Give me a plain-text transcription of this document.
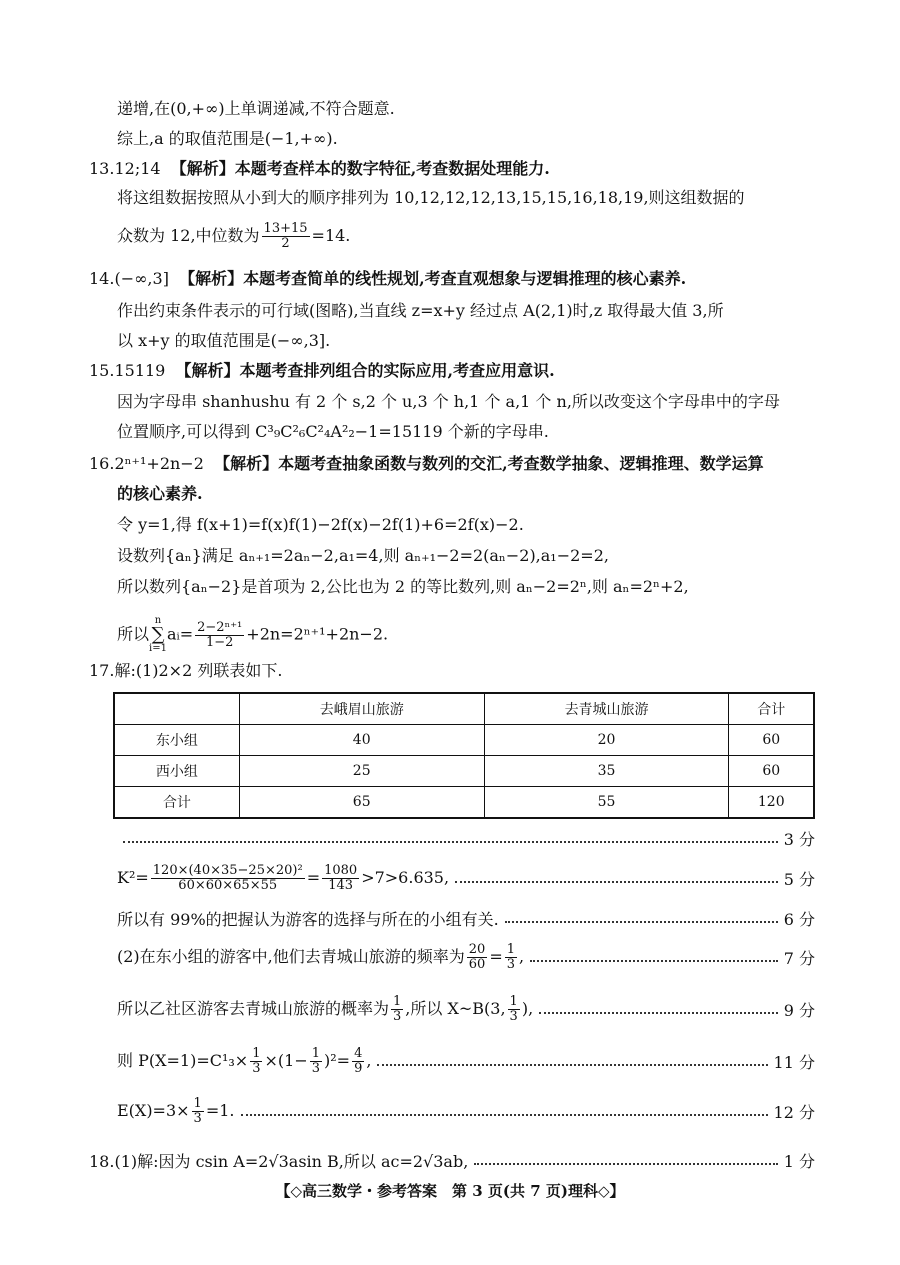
递增,在(0,+∞)上单调递减,不符合题意.
综上,a 的取值范围是(−1,+∞).
13.12;14 【解析】本题考查样本的数字特征,考查数据处理能力.
将这组数据按照从小到大的顺序排列为 10,12,12,12,13,15,15,16,18,19,则这组数据的
众数为 12,中位数为 $\frac{13+15}{2} =14$.
14.(−∞,3] 【解析】本题考查简单的线性规划,考查直观想象与逻辑推理的核心素养.
作出约束条件表示的可行域(图略),当直线 z=x+y 经过点 A(2,1)时,z 取得最大值 3,所
以 x+y 的取值范围是(−∞,3].
15.15119 【解析】本题考查排列组合的实际应用,考查应用意识.
因为字母串 shanhushu 有 2 个 s,2 个 u,3 个 h,1 个 a,1 个 n,所以改变这个字母串中的字母
位置顺序,可以得到 C³₉C²₆C²₄A²₂−1=15119 个新的字母串.
16.2ⁿ⁺¹+2n−2 【解析】本题考查抽象函数与数列的交汇,考查数学抽象、逻辑推理、数学运算
的核心素养.
令 y=1,得 f(x+1)=f(x)f(1)−2f(x)−2f(1)+6=2f(x)−2.
设数列{aₙ}满足 aₙ₊₁=2aₙ−2,a₁=4,则 aₙ₊₁−2=2(aₙ−2),a₁−2=2,
所以数列{aₙ−2}是首项为 2,公比也为 2 的等比数列,则 aₙ−2=2ⁿ,则 aₙ=2ⁿ+2,
所以
n
∑
i=1
aᵢ= $\frac{\text{2−2ⁿ⁺¹}}{1-2} +2n=2^{n+1}+2n-2$.
17.解:(1)2×2 列联表如下.
	去峨眉山旅游	去青城山旅游	合计
东小组	40	20	60
西小组	25	35	60
合计	65	55	120
3 分
$K^2= \frac{\text{120×(40×35−25×20)²}}{60\times 60\times 65\times 55} = \frac{1080}{143} >7>6.635$,	5 分
所以有 99%的把握认为游客的选择与所在的小组有关.	6 分
(2)在东小组的游客中,他们去青城山旅游的频率为 $\frac{20}{60} = \frac{1}{3}$ ,	7 分
所以乙社区游客去青城山旅游的概率为 $\frac{1}{3}$ ,所以 X~B(3, $\frac{1}{3}$ ),	9 分
则 $P(X=1)=C^1_3\times \frac{1}{3} \times(1- \frac{1}{3} )^2= \frac{4}{9}$ ,	11 分
$E(X)=3\times \frac{1}{3} =1$.	12 分
18.(1)解:因为 csin A=2√3asin B,所以 ac=2√3ab,	1 分
【◇高三数学・参考答案　第 3 页(共 7 页)理科◇】
